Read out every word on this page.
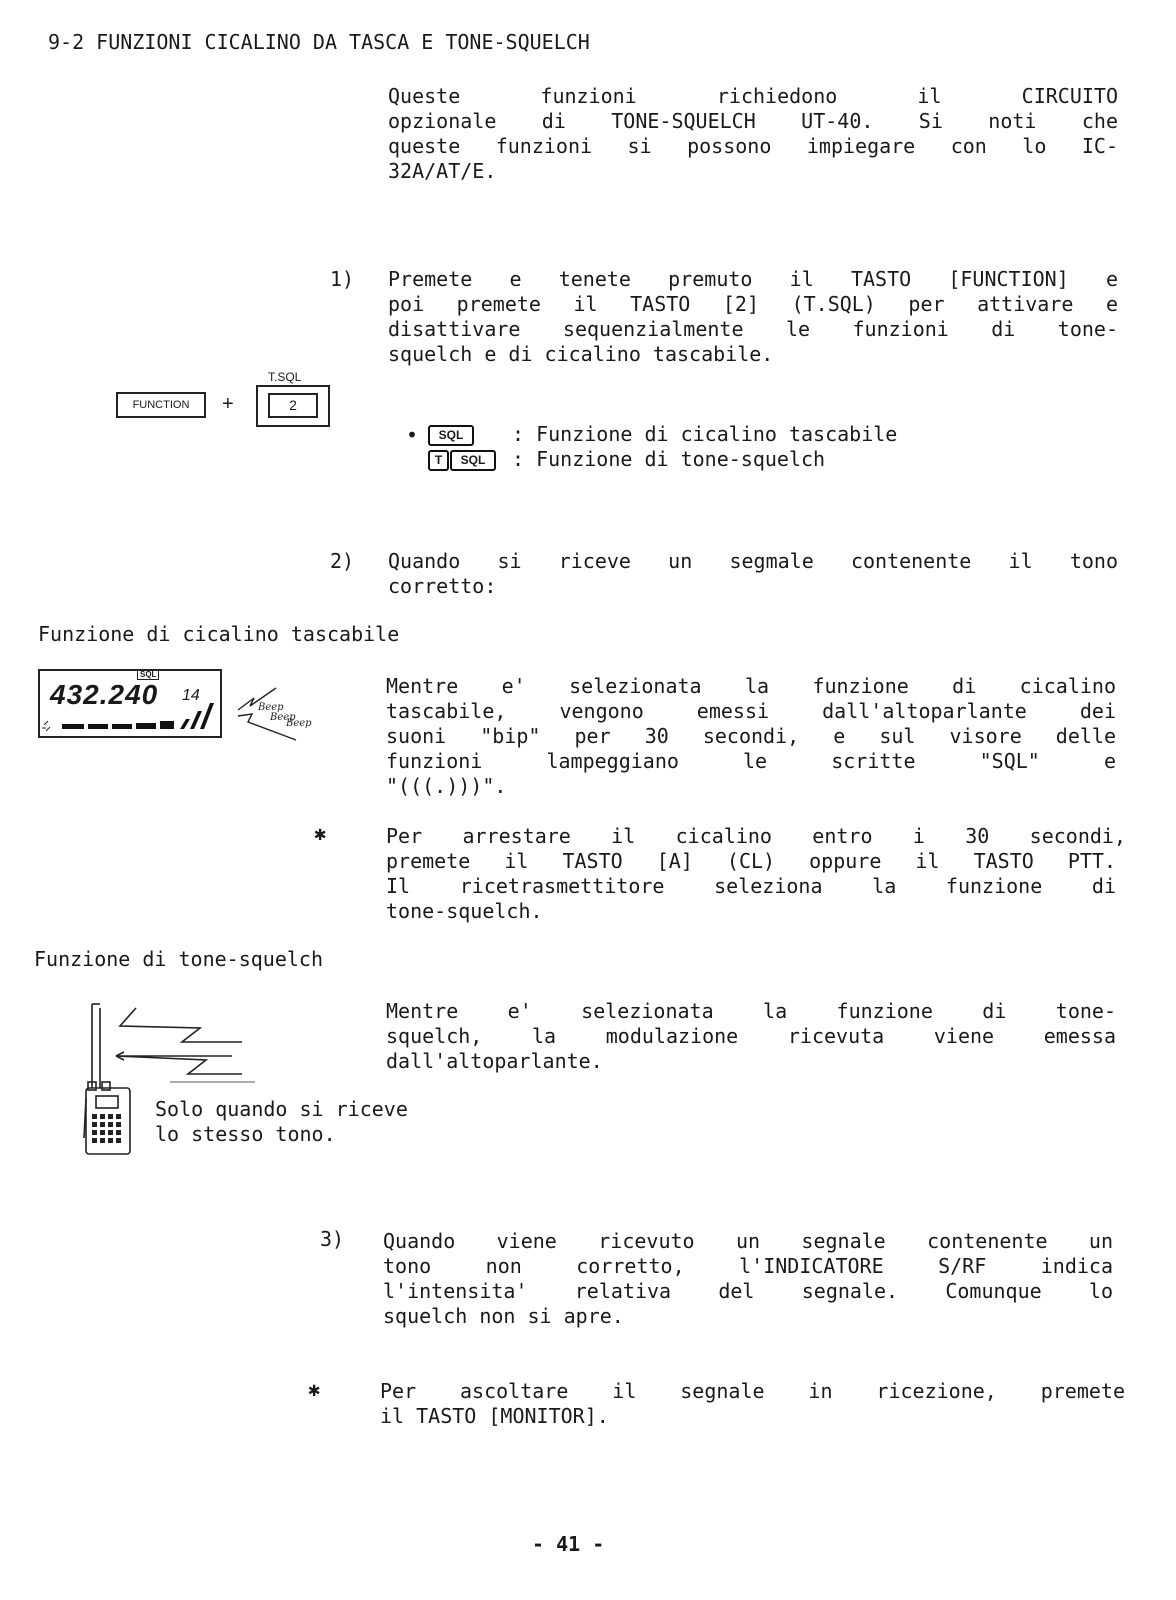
9-2 FUNZIONI CICALINO DA TASCA E TONE-SQUELCH
Queste funzioni richiedono il CIRCUITO
opzionale di TONE-SQUELCH UT-40. Si noti che
queste funzioni si possono impiegare con lo IC-
32A/AT/E.
1) Premete e tenete premuto il TASTO [FUNCTION] e
poi premete il TASTO [2] (T.SQL) per attivare e
disattivare sequenzialmente le funzioni di tone-
squelch e di cicalino tascabile.
FUNCTION	+
T.SQL
2
•	SQL	: Funzione di cicalino tascabile
T	SQL	: Funzione di tone-squelch
2) Quando si riceve un segmale contenente il tono
corretto:
Funzione di cicalino tascabile
SQL
432.240 14
Beep
Beep
Beep
Mentre e' selezionata la funzione di cicalino
tascabile, vengono emessi dall'altoparlante dei
suoni "bip" per 30 secondi, e sul visore delle
funzioni lampeggiano le scritte "SQL" e
"(((.)))".
✱	Per arrestare il cicalino entro i 30 secondi,
premete il TASTO [A] (CL) oppure il TASTO PTT.
Il ricetrasmettitore seleziona la funzione di
tone-squelch.
Funzione di tone-squelch
Solo quando si riceve
lo stesso tono.
Mentre e' selezionata la funzione di tone-
squelch, la modulazione ricevuta viene emessa
dall'altoparlante.
3) Quando viene ricevuto un segnale contenente un
tono non corretto, l'INDICATORE S/RF indica
l'intensita' relativa del segnale. Comunque lo
squelch non si apre.
✱	Per ascoltare il segnale in ricezione, premete
il TASTO [MONITOR].
- 41 -
